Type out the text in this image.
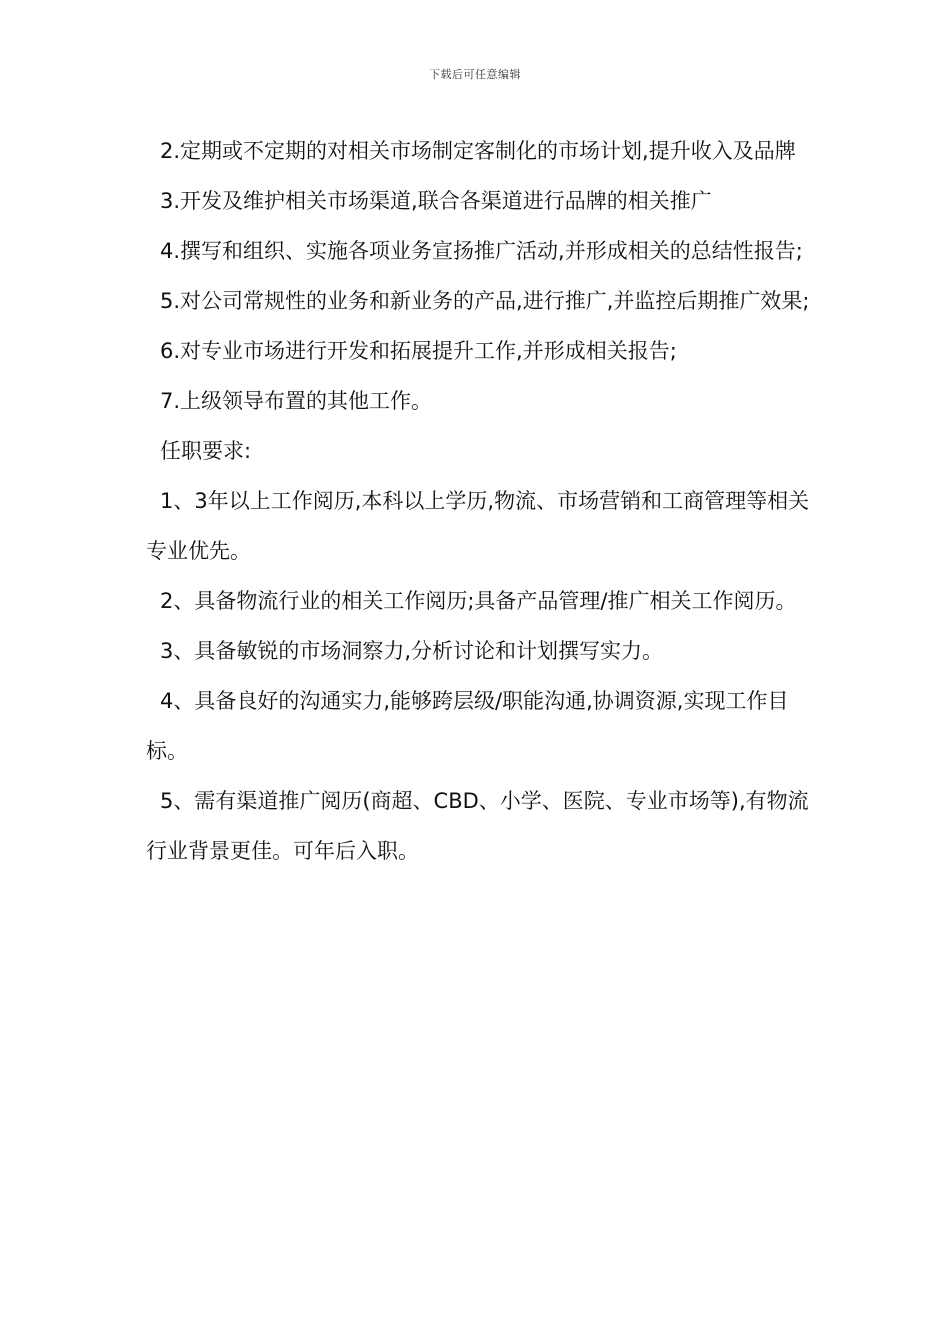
下载后可任意编辑

2.定期或不定期的对相关市场制定客制化的市场计划,提升收入及品牌

3.开发及维护相关市场渠道,联合各渠道进行品牌的相关推广

4.撰写和组织、实施各项业务宣扬推广活动,并形成相关的总结性报告;

5.对公司常规性的业务和新业务的产品,进行推广,并监控后期推广效果;

6.对专业市场进行开发和拓展提升工作,并形成相关报告;

7.上级领导布置的其他工作。

任职要求:

1、3年以上工作阅历,本科以上学历,物流、市场营销和工商管理等相关专业优先。

2、具备物流行业的相关工作阅历;具备产品管理/推广相关工作阅历。

3、具备敏锐的市场洞察力,分析讨论和计划撰写实力。

4、具备良好的沟通实力,能够跨层级/职能沟通,协调资源,实现工作目标。

5、需有渠道推广阅历(商超、CBD、小学、医院、专业市场等),有物流行业背景更佳。可年后入职。
